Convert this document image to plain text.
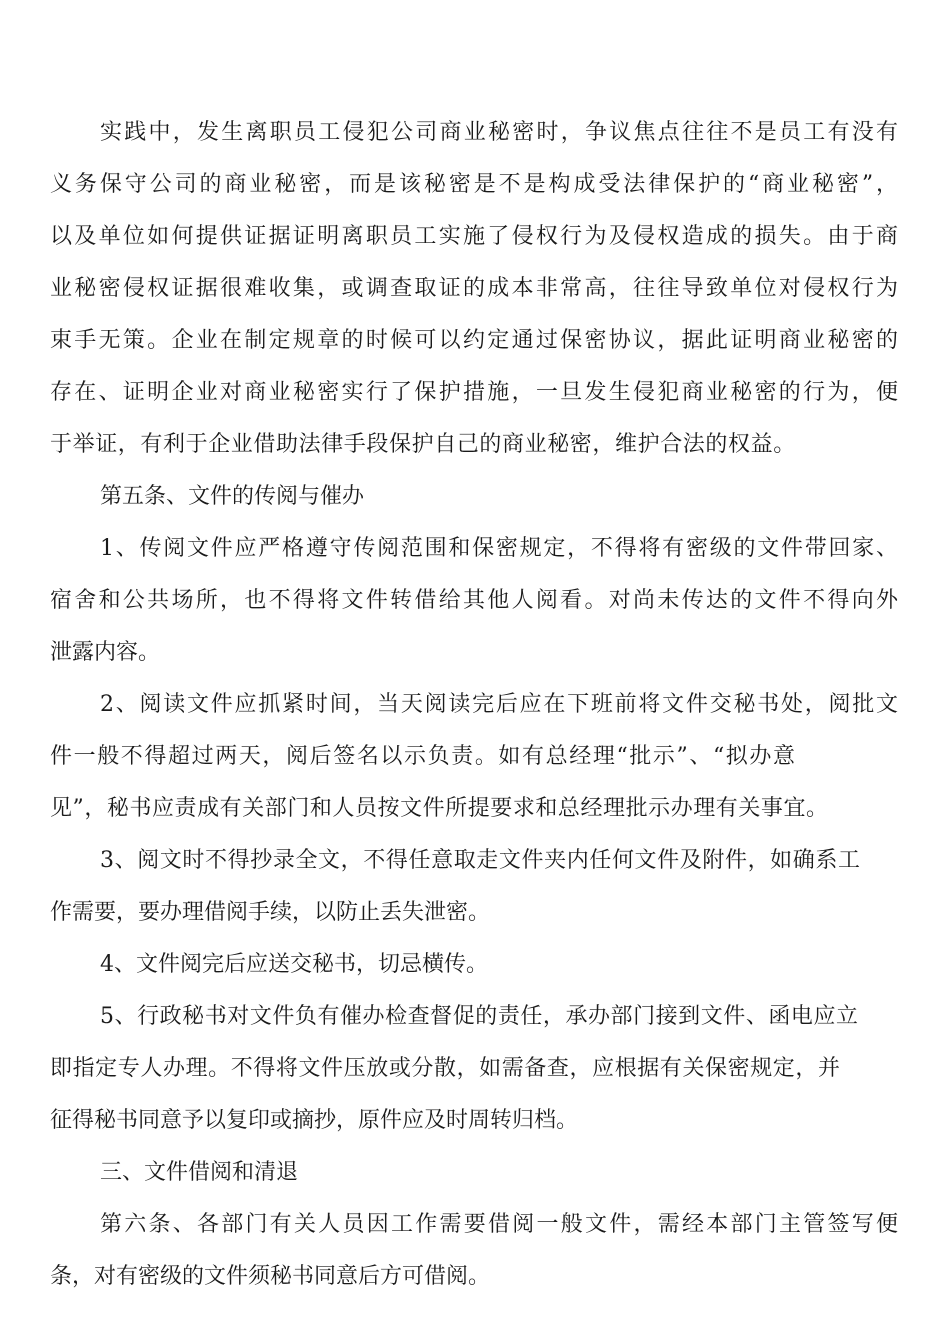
实践中，发生离职员工侵犯公司商业秘密时，争议焦点往往不是员工有没有
义务保守公司的商业秘密，而是该秘密是不是构成受法律保护的“商业秘密”，
以及单位如何提供证据证明离职员工实施了侵权行为及侵权造成的损失。由于商
业秘密侵权证据很难收集，或调查取证的成本非常高，往往导致单位对侵权行为
束手无策。企业在制定规章的时候可以约定通过保密协议，据此证明商业秘密的
存在、证明企业对商业秘密实行了保护措施，一旦发生侵犯商业秘密的行为，便
于举证，有利于企业借助法律手段保护自己的商业秘密，维护合法的权益。
第五条、文件的传阅与催办
1、传阅文件应严格遵守传阅范围和保密规定，不得将有密级的文件带回家、
宿舍和公共场所，也不得将文件转借给其他人阅看。对尚未传达的文件不得向外
泄露内容。
2、阅读文件应抓紧时间，当天阅读完后应在下班前将文件交秘书处，阅批文
件一般不得超过两天，阅后签名以示负责。如有总经理“批示”、“拟办意
见”，秘书应责成有关部门和人员按文件所提要求和总经理批示办理有关事宜。
3、阅文时不得抄录全文，不得任意取走文件夹内任何文件及附件，如确系工
作需要，要办理借阅手续，以防止丢失泄密。
4、文件阅完后应送交秘书，切忌横传。
5、行政秘书对文件负有催办检查督促的责任，承办部门接到文件、函电应立
即指定专人办理。不得将文件压放或分散，如需备查，应根据有关保密规定，并
征得秘书同意予以复印或摘抄，原件应及时周转归档。
三、文件借阅和清退
第六条、各部门有关人员因工作需要借阅一般文件，需经本部门主管签写便
条，对有密级的文件须秘书同意后方可借阅。
